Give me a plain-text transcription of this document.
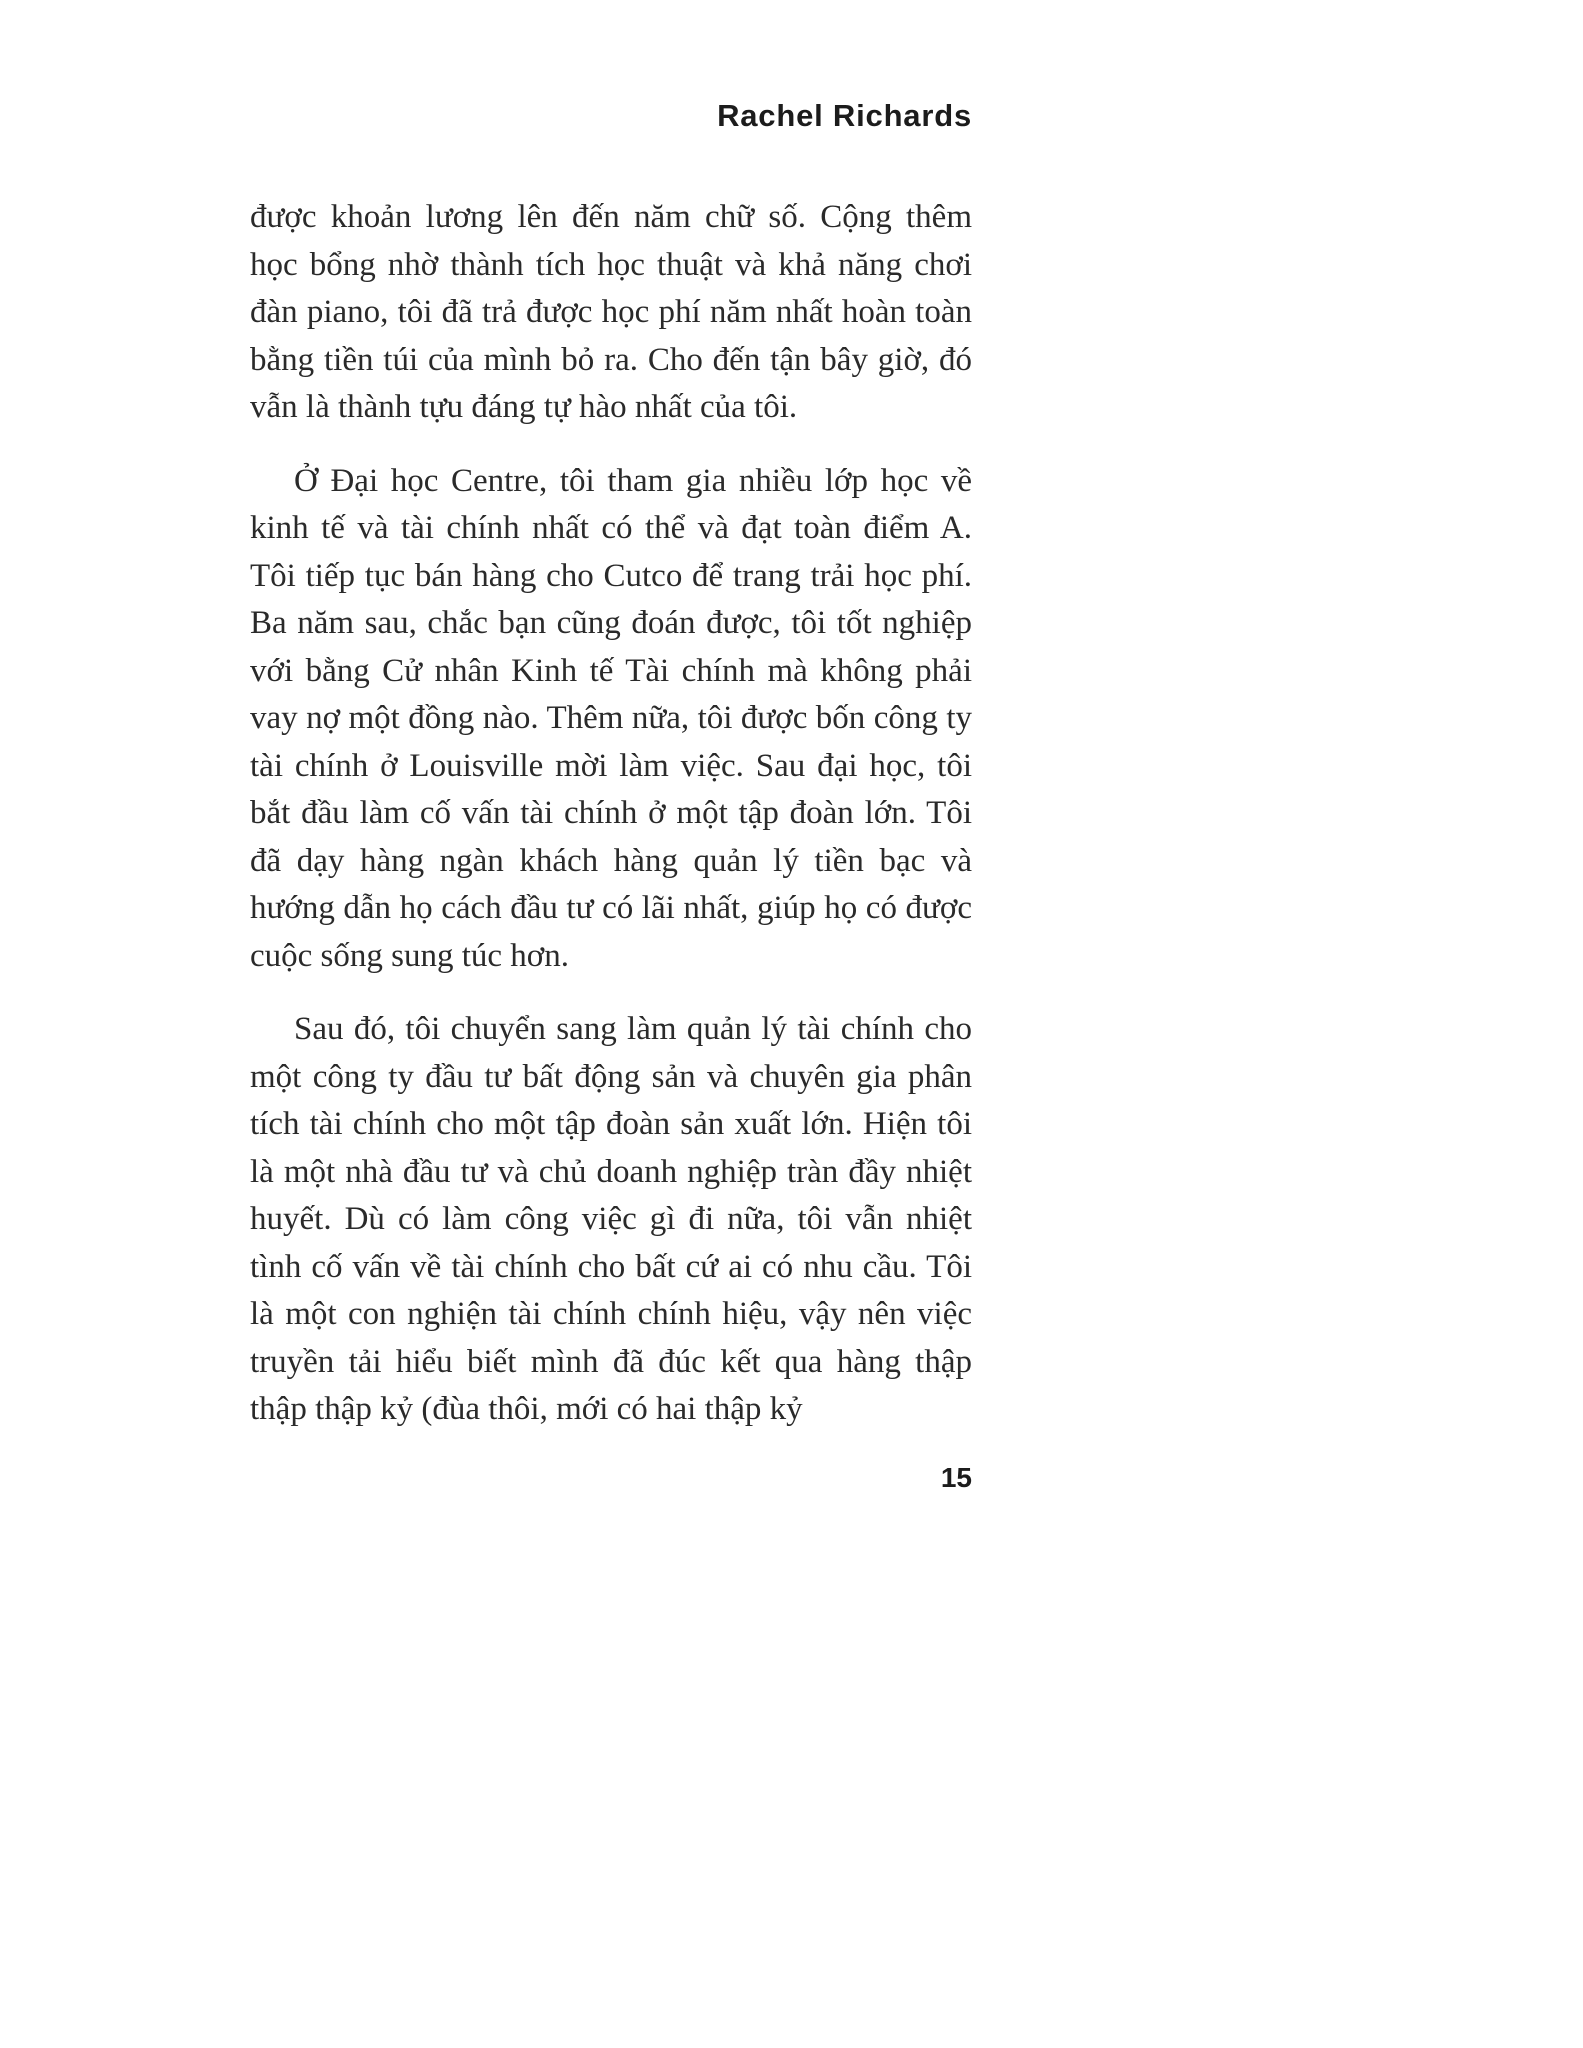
Rachel Richards

được khoản lương lên đến năm chữ số. Cộng thêm học bổng nhờ thành tích học thuật và khả năng chơi đàn piano, tôi đã trả được học phí năm nhất hoàn toàn bằng tiền túi của mình bỏ ra. Cho đến tận bây giờ, đó vẫn là thành tựu đáng tự hào nhất của tôi.

Ở Đại học Centre, tôi tham gia nhiều lớp học về kinh tế và tài chính nhất có thể và đạt toàn điểm A. Tôi tiếp tục bán hàng cho Cutco để trang trải học phí. Ba năm sau, chắc bạn cũng đoán được, tôi tốt nghiệp với bằng Cử nhân Kinh tế Tài chính mà không phải vay nợ một đồng nào. Thêm nữa, tôi được bốn công ty tài chính ở Louisville mời làm việc. Sau đại học, tôi bắt đầu làm cố vấn tài chính ở một tập đoàn lớn. Tôi đã dạy hàng ngàn khách hàng quản lý tiền bạc và hướng dẫn họ cách đầu tư có lãi nhất, giúp họ có được cuộc sống sung túc hơn.

Sau đó, tôi chuyển sang làm quản lý tài chính cho một công ty đầu tư bất động sản và chuyên gia phân tích tài chính cho một tập đoàn sản xuất lớn. Hiện tôi là một nhà đầu tư và chủ doanh nghiệp tràn đầy nhiệt huyết. Dù có làm công việc gì đi nữa, tôi vẫn nhiệt tình cố vấn về tài chính cho bất cứ ai có nhu cầu. Tôi là một con nghiện tài chính chính hiệu, vậy nên việc truyền tải hiểu biết mình đã đúc kết qua hàng thập thập thập kỷ (đùa thôi, mới có hai thập kỷ

15
